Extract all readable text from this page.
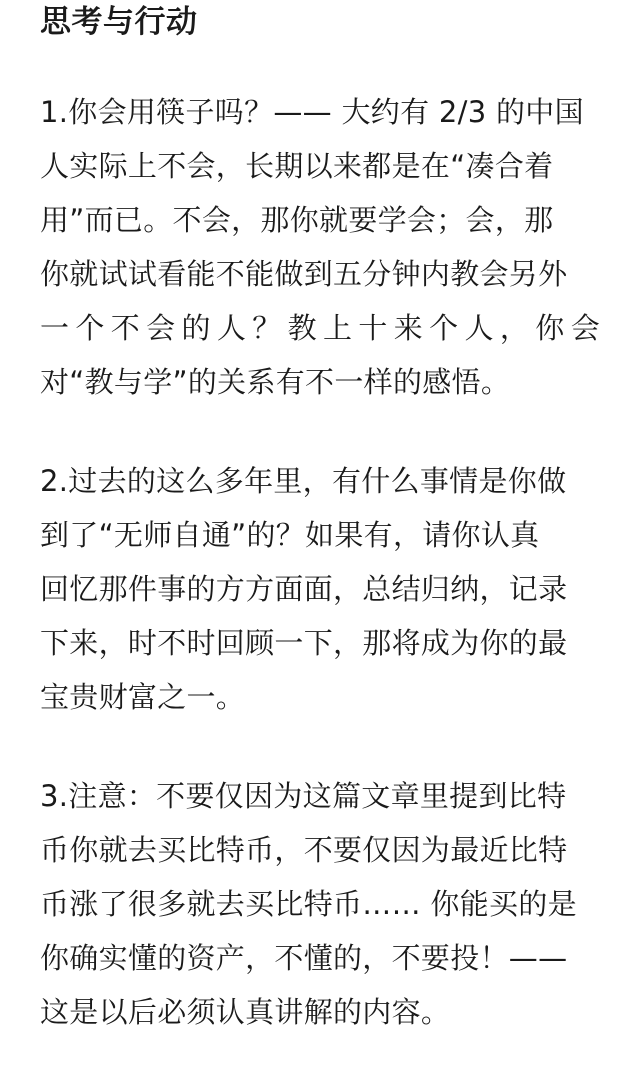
思考与行动
1.你会用筷子吗？—— 大约有 2/3 的中国
人实际上不会，长期以来都是在“凑合着
用”而已。不会，那你就要学会；会，那
你就试试看能不能做到五分钟内教会另外
一个不会的人？教上十来个人，你会
对“教与学”的关系有不一样的感悟。
2.过去的这么多年里，有什么事情是你做
到了“无师自通”的？如果有，请你认真
回忆那件事的方方面面，总结归纳，记录
下来，时不时回顾一下，那将成为你的最
宝贵财富之一。
3.注意：不要仅因为这篇文章里提到比特
币你就去买比特币，不要仅因为最近比特
币涨了很多就去买比特币…… 你能买的是
你确实懂的资产，不懂的，不要投！——
这是以后必须认真讲解的内容。
